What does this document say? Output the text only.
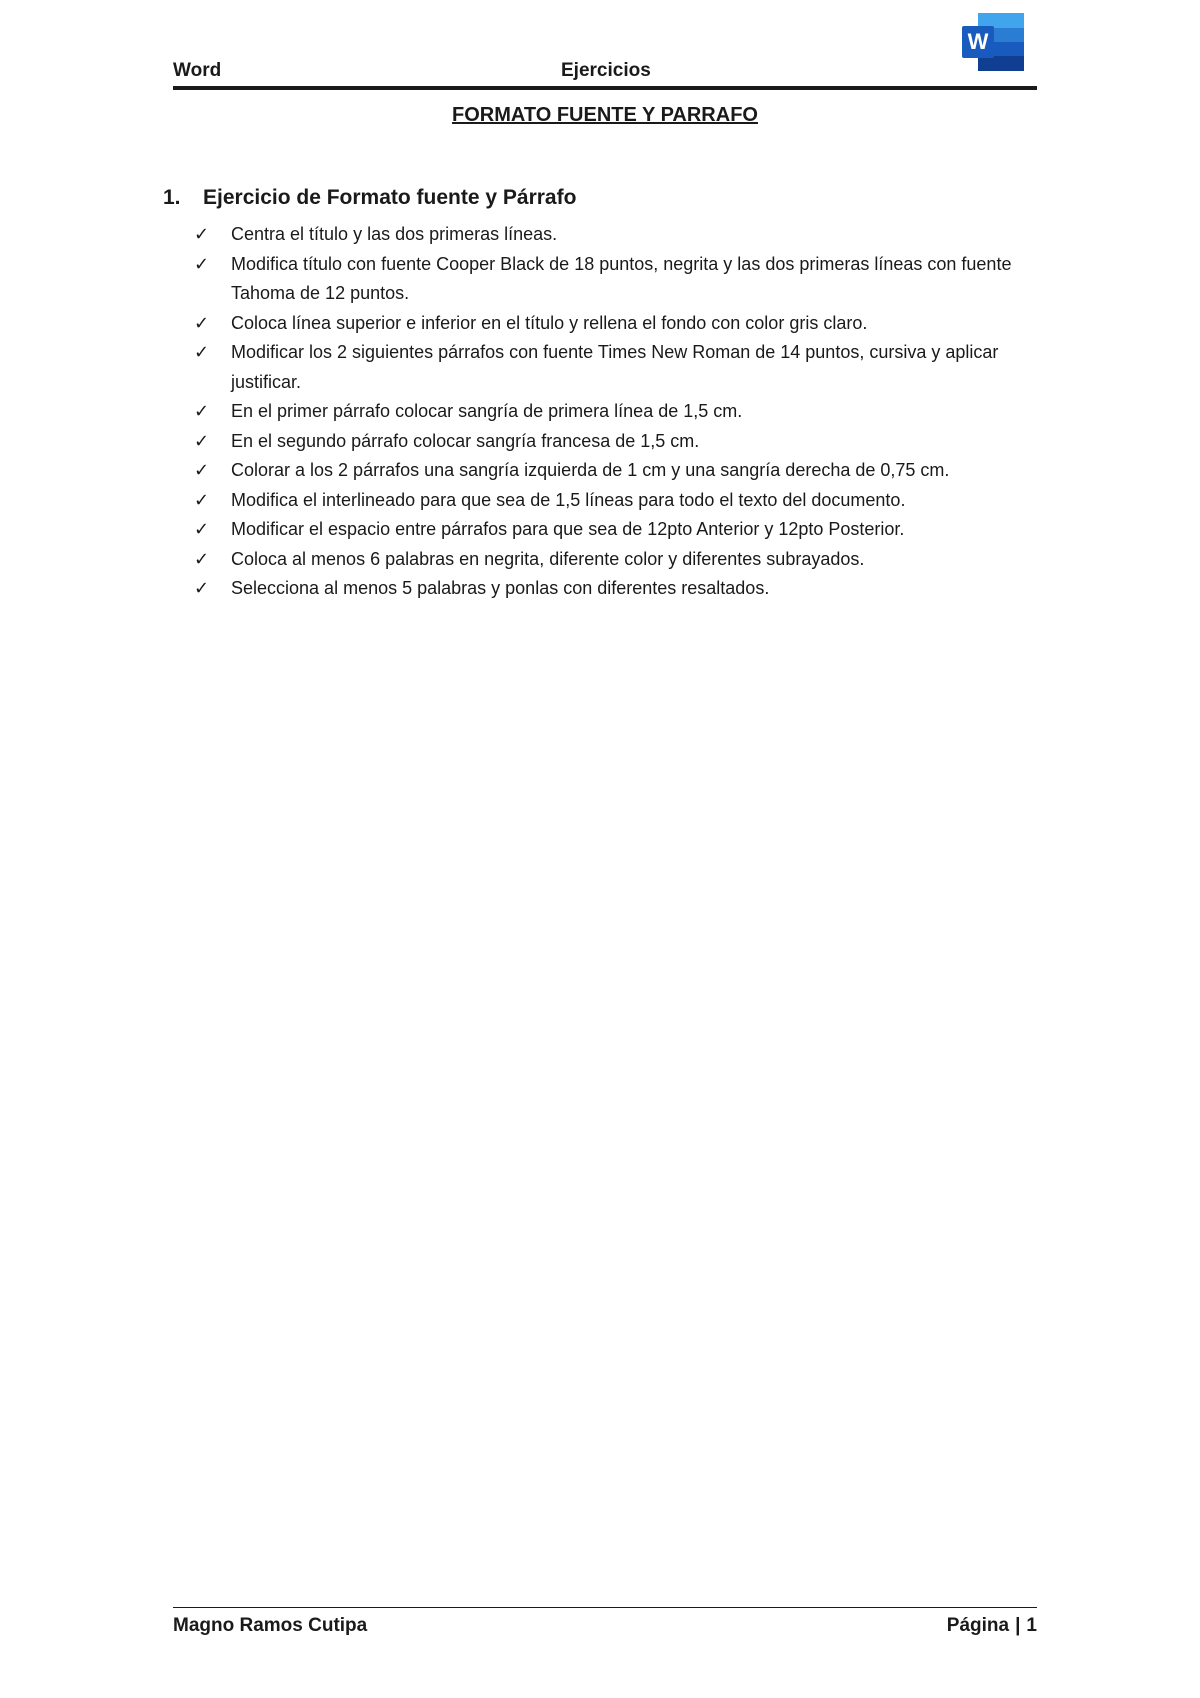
Word	Ejercicios
W
FORMATO FUENTE Y PARRAFO
1. Ejercicio de Formato fuente y Párrafo
✓ Centra el título y las dos primeras líneas.
✓ Modifica título con fuente Cooper Black de 18 puntos, negrita y las dos primeras líneas con fuente Tahoma de 12 puntos.
✓ Coloca línea superior e inferior en el título y rellena el fondo con color gris claro.
✓ Modificar los 2 siguientes párrafos con fuente Times New Roman de 14 puntos, cursiva y aplicar justificar.
✓ En el primer párrafo colocar sangría de primera línea de 1,5 cm.
✓ En el segundo párrafo colocar sangría francesa de 1,5 cm.
✓ Colorar a los 2 párrafos una sangría izquierda de 1 cm y una sangría derecha de 0,75 cm.
✓ Modifica el interlineado para que sea de 1,5 líneas para todo el texto del documento.
✓ Modificar el espacio entre párrafos para que sea de 12pto Anterior y 12pto Posterior.
✓ Coloca al menos 6 palabras en negrita, diferente color y diferentes subrayados.
✓ Selecciona al menos 5 palabras y ponlas con diferentes resaltados.
Magno Ramos Cutipa	Página | 1
